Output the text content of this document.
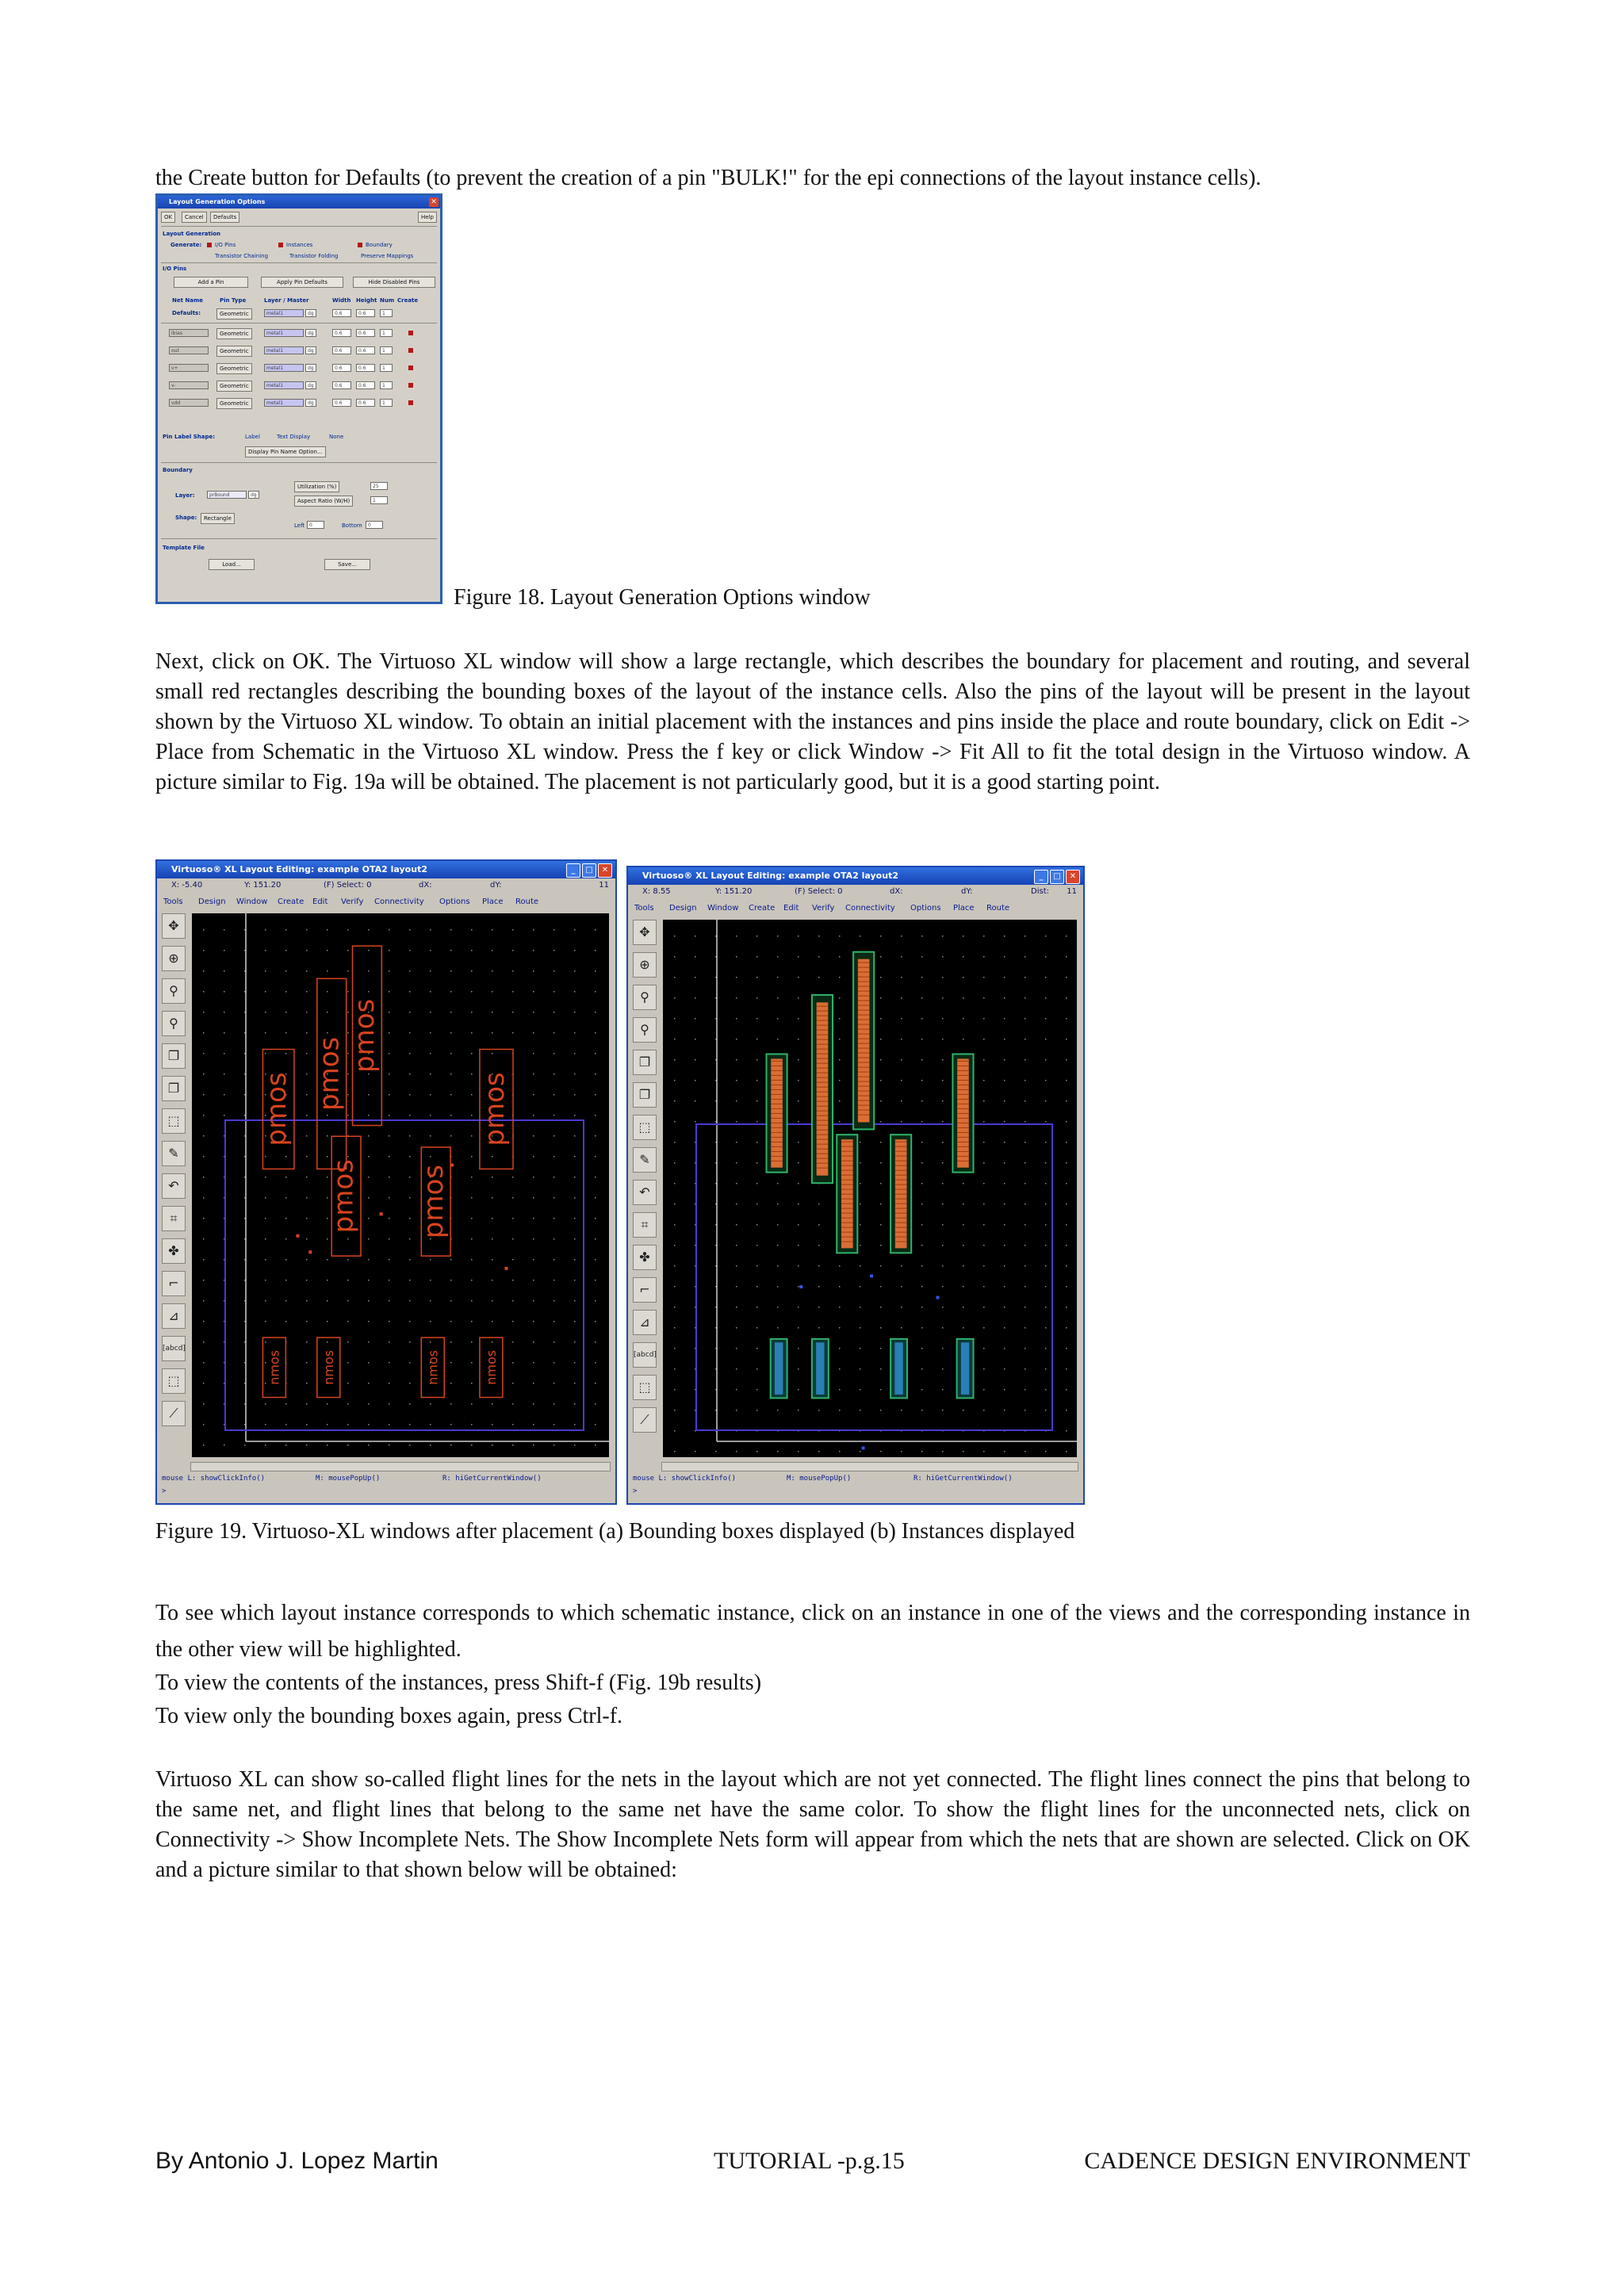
the Create button for Defaults (to prevent the creation of a pin "BULK!" for the epi connections of the layout instance cells).

Layout Generation Options	✕
OK	Cancel	Defaults	Help
Layout Generation
Generate: I/O Pins	Instances	Boundary
Transistor Chaining	Transistor Folding	Preserve Mappings
I/O Pins
Add a Pin	Apply Pin Defaults	Hide Disabled Pins
Net Name	Pin Type	Layer / Master	Width Height Num Create
Defaults:	Geometric	metal1	dg	0.6	0.6	1
ibias	Geometric	metal1	dg	0.6	0.6	1
out	Geometric	metal1	dg	0.6	0.6	1
v+	Geometric	metal1	dg	0.6	0.6	1
v-	Geometric	metal1	dg	0.6	0.6	1
vdd	Geometric	metal1	dg	0.6	0.6	1
Pin Label Shape:	Label	Text Display	None
Display Pin Name Option...
Boundary
Layer:	prBound	dg
Utilization (%)	25
Aspect Ratio (W/H)	1
Shape:	Rectangle
Left 0	Bottom	0
Template File
Load...	Save...
Figure 18. Layout Generation Options window

Next, click on OK. The Virtuoso XL window will show a large rectangle, which describes the boundary for placement and routing, and several small red rectangles describing the bounding boxes of the layout of the instance cells. Also the pins of the layout will be present in the layout shown by the Virtuoso XL window. To obtain an initial placement with the instances and pins inside the place and route boundary, click on Edit -> Place from Schematic in the Virtuoso XL window. Press the f key or click Window -> Fit All to fit the total design in the Virtuoso window. A picture similar to Fig. 19a will be obtained. The placement is not particularly good, but it is a good starting point.

Virtuoso® XL Layout Editing: example OTA2 layout2	_	□	✕
X: -5.40	Y: 151.20	(F) Select: 0	dX:	dY:	11
Tools Design Window Create Edit Verify Connectivity Options Place Route
✥
⊕
⚲
⚲
❐
❐
⬚
✎
↶
⌗
✤
⌐
⊿
[abcd]
⬚
⟋
pmos pmos
pmos
pmos pmos
pmos
nmos	nmos	nmos	nmos
mouse L: showClickInfo()	M: mousePopUp()	R: hiGetCurrentWindow()
>
Virtuoso® XL Layout Editing: example OTA2 layout2	_	□	✕
X: 8.55	Y: 151.20	(F) Select: 0	dX:	dY:	Dist: 11
Tools Design Window Create Edit Verify Connectivity Options Place Route
✥
⊕
⚲
⚲
❐
❐
⬚
✎
↶
⌗
✤
⌐
⊿
[abcd]
⬚
⟋
mouse L: showClickInfo()	M: mousePopUp()	R: hiGetCurrentWindow()
>
Figure 19. Virtuoso-XL windows after placement (a) Bounding boxes displayed (b) Instances displayed

To see which layout instance corresponds to which schematic instance, click on an instance in one of the views and the corresponding instance in the other view will be highlighted.

To view the contents of the instances, press Shift-f (Fig. 19b results)

To view only the bounding boxes again, press Ctrl-f.

Virtuoso XL can show so-called flight lines for the nets in the layout which are not yet connected. The flight lines connect the pins that belong to the same net, and flight lines that belong to the same net have the same color. To show the flight lines for the unconnected nets, click on Connectivity -> Show Incomplete Nets. The Show Incomplete Nets form will appear from which the nets that are shown are selected. Click on OK and a picture similar to that shown below will be obtained:

By Antonio J. Lopez Martin	TUTORIAL -p.g.15	CADENCE DESIGN ENVIRONMENT
